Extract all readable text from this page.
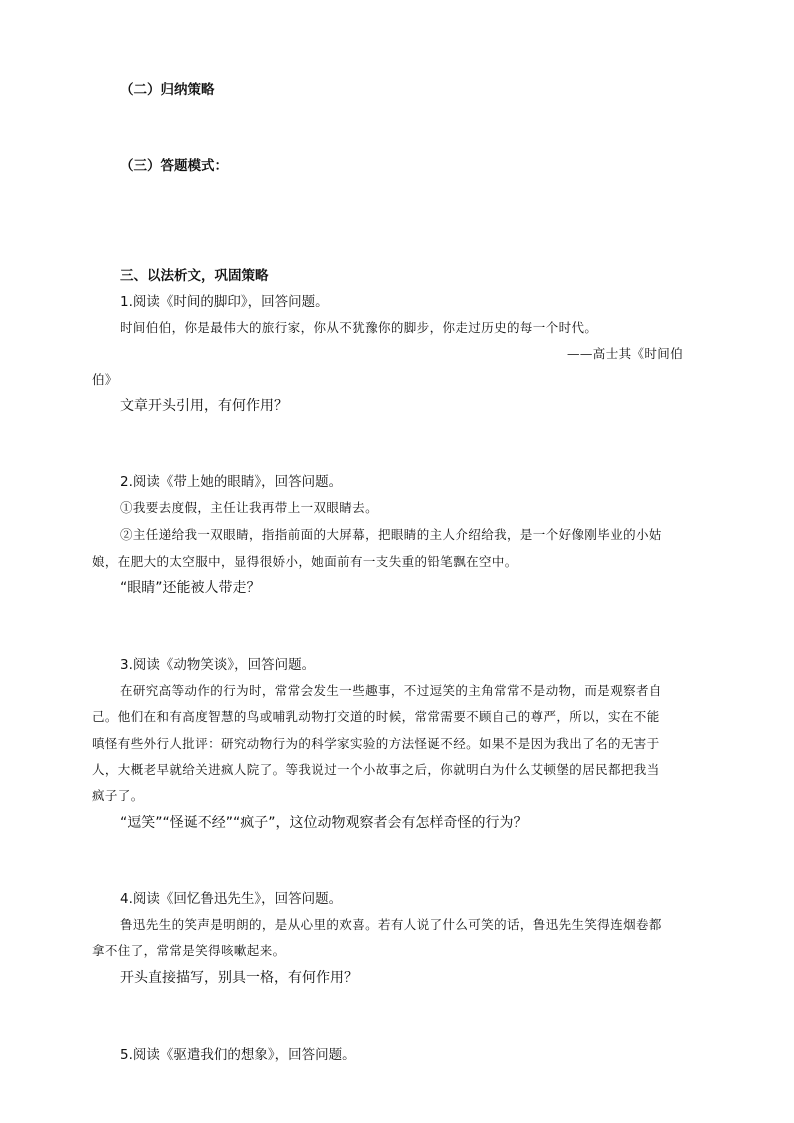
（二）归纳策略
（三）答题模式：
三、以法析文，巩固策略
1.阅读《时间的脚印》，回答问题。
时间伯伯，你是最伟大的旅行家，你从不犹豫你的脚步，你走过历史的每一个时代。
——高士其《时间伯
伯》
文章开头引用，有何作用？
2.阅读《带上她的眼睛》，回答问题。
①我要去度假，主任让我再带上一双眼睛去。
②主任递给我一双眼睛，指指前面的大屏幕，把眼睛的主人介绍给我，是一个好像刚毕业的小姑
娘，在肥大的太空服中，显得很娇小，她面前有一支失重的铅笔飘在空中。
“眼睛”还能被人带走？
3.阅读《动物笑谈》，回答问题。
在研究高等动作的行为时，常常会发生一些趣事，不过逗笑的主角常常不是动物，而是观察者自
己。他们在和有高度智慧的鸟或哺乳动物打交道的时候，常常需要不顾自己的尊严，所以，实在不能
嗔怪有些外行人批评：研究动物行为的科学家实验的方法怪诞不经。如果不是因为我出了名的无害于
人，大概老早就给关进疯人院了。等我说过一个小故事之后，你就明白为什么艾顿堡的居民都把我当
疯子了。
“逗笑”“怪诞不经”“疯子”，这位动物观察者会有怎样奇怪的行为？
4.阅读《回忆鲁迅先生》，回答问题。
鲁迅先生的笑声是明朗的，是从心里的欢喜。若有人说了什么可笑的话，鲁迅先生笑得连烟卷都
拿不住了，常常是笑得咳嗽起来。
开头直接描写，别具一格，有何作用？
5.阅读《驱遣我们的想象》，回答问题。
